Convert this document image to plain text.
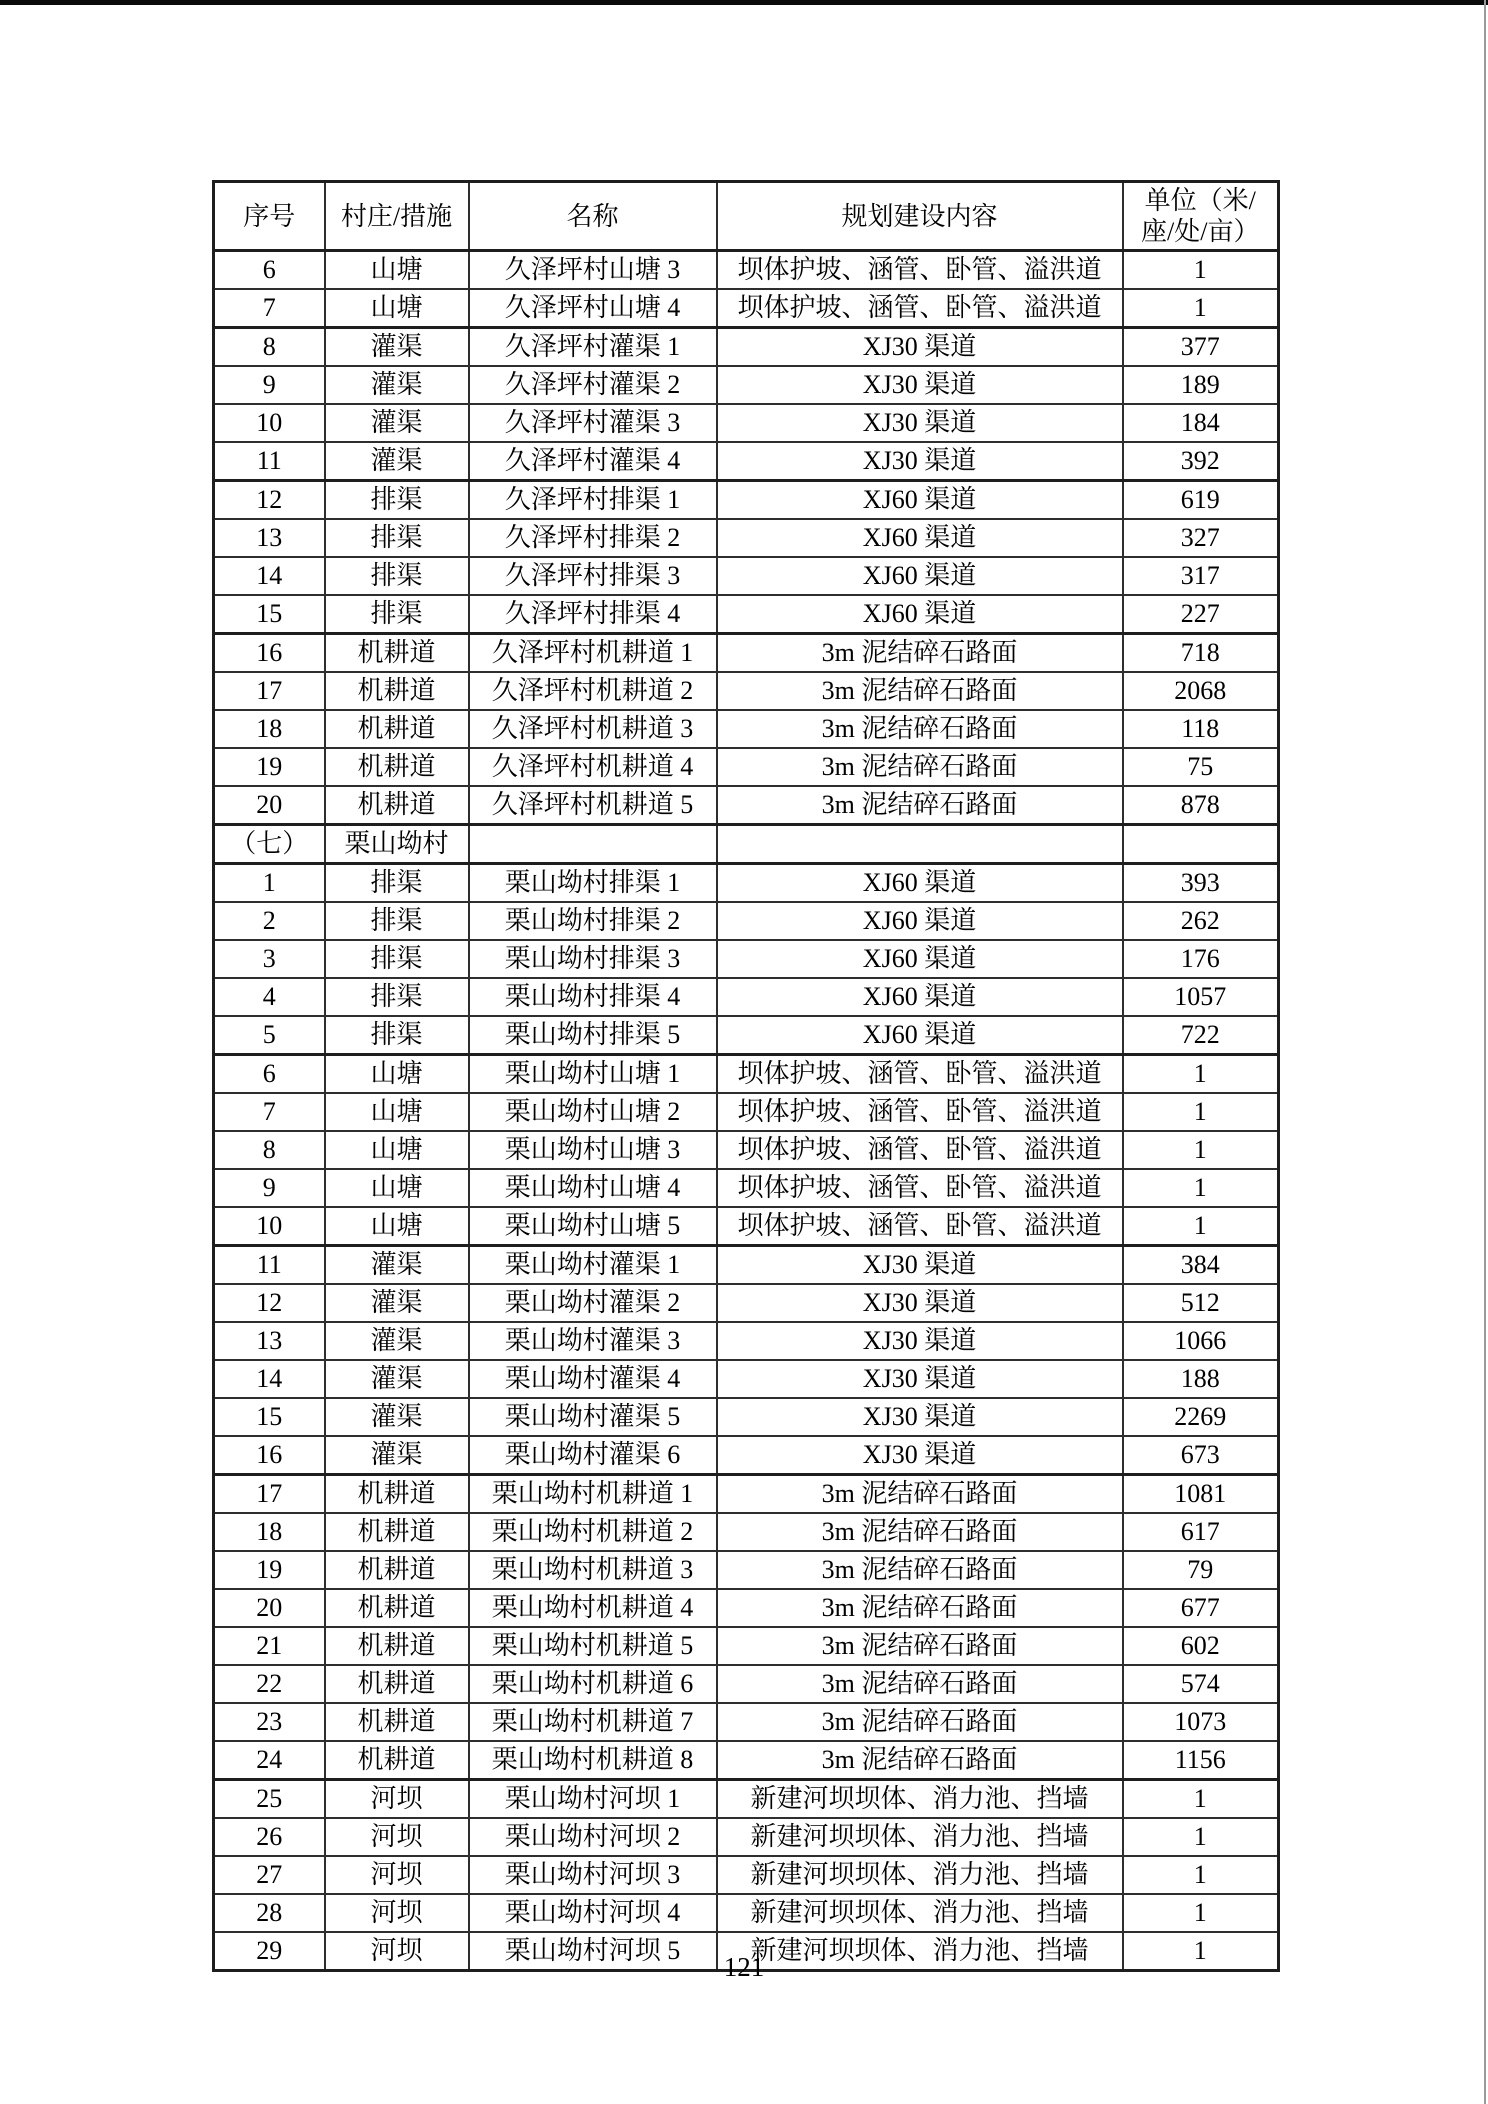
序号	村庄/措施	名称	规划建设内容	单位（米/
座/处/亩）

6	山塘	久泽坪村山塘 3	坝体护坡、涵管、卧管、溢洪道	1
7	山塘	久泽坪村山塘 4	坝体护坡、涵管、卧管、溢洪道	1
8	灌渠	久泽坪村灌渠 1	XJ30 渠道	377
9	灌渠	久泽坪村灌渠 2	XJ30 渠道	189
10	灌渠	久泽坪村灌渠 3	XJ30 渠道	184
11	灌渠	久泽坪村灌渠 4	XJ30 渠道	392
12	排渠	久泽坪村排渠 1	XJ60 渠道	619
13	排渠	久泽坪村排渠 2	XJ60 渠道	327
14	排渠	久泽坪村排渠 3	XJ60 渠道	317
15	排渠	久泽坪村排渠 4	XJ60 渠道	227
16	机耕道	久泽坪村机耕道 1	3m 泥结碎石路面	718
17	机耕道	久泽坪村机耕道 2	3m 泥结碎石路面	2068
18	机耕道	久泽坪村机耕道 3	3m 泥结碎石路面	118
19	机耕道	久泽坪村机耕道 4	3m 泥结碎石路面	75
20	机耕道	久泽坪村机耕道 5	3m 泥结碎石路面	878
（七）	栗山坳村			
1	排渠	栗山坳村排渠 1	XJ60 渠道	393
2	排渠	栗山坳村排渠 2	XJ60 渠道	262
3	排渠	栗山坳村排渠 3	XJ60 渠道	176
4	排渠	栗山坳村排渠 4	XJ60 渠道	1057
5	排渠	栗山坳村排渠 5	XJ60 渠道	722
6	山塘	栗山坳村山塘 1	坝体护坡、涵管、卧管、溢洪道	1
7	山塘	栗山坳村山塘 2	坝体护坡、涵管、卧管、溢洪道	1
8	山塘	栗山坳村山塘 3	坝体护坡、涵管、卧管、溢洪道	1
9	山塘	栗山坳村山塘 4	坝体护坡、涵管、卧管、溢洪道	1
10	山塘	栗山坳村山塘 5	坝体护坡、涵管、卧管、溢洪道	1
11	灌渠	栗山坳村灌渠 1	XJ30 渠道	384
12	灌渠	栗山坳村灌渠 2	XJ30 渠道	512
13	灌渠	栗山坳村灌渠 3	XJ30 渠道	1066
14	灌渠	栗山坳村灌渠 4	XJ30 渠道	188
15	灌渠	栗山坳村灌渠 5	XJ30 渠道	2269
16	灌渠	栗山坳村灌渠 6	XJ30 渠道	673
17	机耕道	栗山坳村机耕道 1	3m 泥结碎石路面	1081
18	机耕道	栗山坳村机耕道 2	3m 泥结碎石路面	617
19	机耕道	栗山坳村机耕道 3	3m 泥结碎石路面	79
20	机耕道	栗山坳村机耕道 4	3m 泥结碎石路面	677
21	机耕道	栗山坳村机耕道 5	3m 泥结碎石路面	602
22	机耕道	栗山坳村机耕道 6	3m 泥结碎石路面	574
23	机耕道	栗山坳村机耕道 7	3m 泥结碎石路面	1073
24	机耕道	栗山坳村机耕道 8	3m 泥结碎石路面	1156
25	河坝	栗山坳村河坝 1	新建河坝坝体、消力池、挡墙	1
26	河坝	栗山坳村河坝 2	新建河坝坝体、消力池、挡墙	1
27	河坝	栗山坳村河坝 3	新建河坝坝体、消力池、挡墙	1
28	河坝	栗山坳村河坝 4	新建河坝坝体、消力池、挡墙	1
29	河坝	栗山坳村河坝 5	新建河坝坝体、消力池、挡墙	1
121
